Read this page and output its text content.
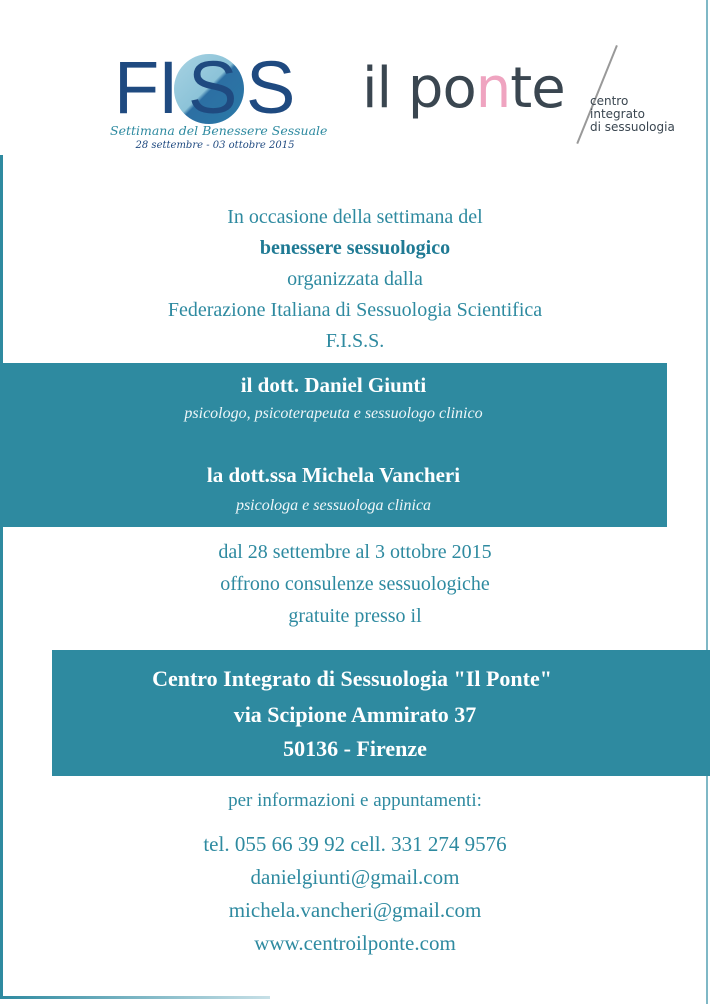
F
I S S
Settimana del Benessere Sessuale
28 settembre - 03 ottobre 2015
il ponte centro
integrato
di sessuologia
In occasione della settimana del
benessere sessuologico
organizzata dalla
Federazione Italiana di Sessuologia Scientifica
F.I.S.S.
il dott. Daniel Giunti
psicologo, psicoterapeuta e sessuologo clinico
la dott.ssa Michela Vancheri
psicologa e sessuologa clinica
dal 28 settembre al 3 ottobre 2015
offrono consulenze sessuologiche
gratuite presso il
Centro Integrato di Sessuologia "Il Ponte"
via Scipione Ammirato 37
50136 - Firenze
per informazioni e appuntamenti:
tel. 055 66 39 92 cell. 331 274 9576
danielgiunti@gmail.com
michela.vancheri@gmail.com
www.centroilponte.com
